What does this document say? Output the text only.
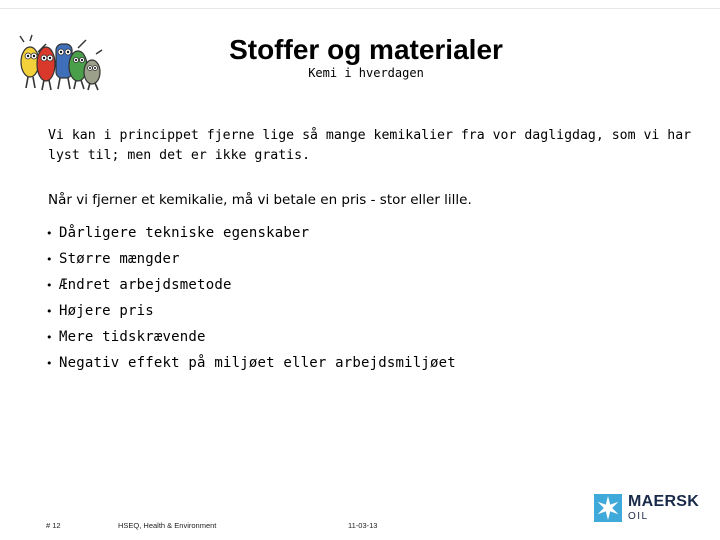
Stoffer og materialer
Kemi i hverdagen
Vi kan i princippet fjerne lige så mange kemikalier fra vor dagligdag, som vi har
lyst til; men det er ikke gratis.
Når vi fjerner et kemikalie, må vi betale en pris - stor eller lille.
• Dårligere tekniske egenskaber
• Større mængder
• Ændret arbejdsmetode
• Højere pris
• Mere tidskrævende
• Negativ effekt på miljøet eller arbejdsmiljøet
# 12	HSEQ, Health & Environment	11-03-13
MAERSK
OIL
